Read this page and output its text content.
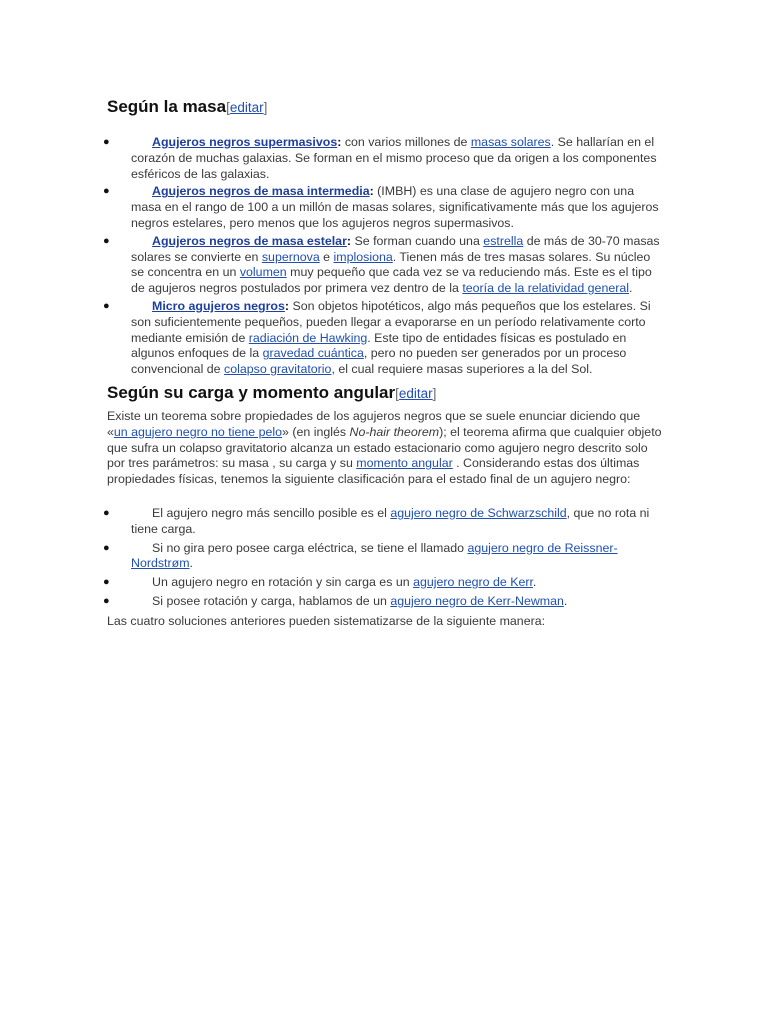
Según la masa[editar]
●	Agujeros negros supermasivos: con varios millones de masas solares. Se hallarían en el corazón de muchas galaxias. Se forman en el mismo proceso que da origen a los componentes esféricos de las galaxias.
●	Agujeros negros de masa intermedia: (IMBH) es una clase de agujero negro con una masa en el rango de 100 a un millón de masas solares, significativamente más que los agujeros negros estelares, pero menos que los agujeros negros supermasivos.
●	Agujeros negros de masa estelar: Se forman cuando una estrella de más de 30-70 masas solares se convierte en supernova e implosiona. Tienen más de tres masas solares. Su núcleo se concentra en un volumen muy pequeño que cada vez se va reduciendo más. Este es el tipo de agujeros negros postulados por primera vez dentro de la teoría de la relatividad general.
●	Micro agujeros negros: Son objetos hipotéticos, algo más pequeños que los estelares. Si son suficientemente pequeños, pueden llegar a evaporarse en un período relativamente corto mediante emisión de radiación de Hawking. Este tipo de entidades físicas es postulado en algunos enfoques de la gravedad cuántica, pero no pueden ser generados por un proceso convencional de colapso gravitatorio, el cual requiere masas superiores a la del Sol.
Según su carga y momento angular[editar]

Existe un teorema sobre propiedades de los agujeros negros que se suele enunciar diciendo que «un agujero negro no tiene pelo» (en inglés No-hair theorem); el teorema afirma que cualquier objeto que sufra un colapso gravitatorio alcanza un estado estacionario como agujero negro descrito solo por tres parámetros: su masa , su carga y su momento angular . Considerando estas dos últimas propiedades físicas, tenemos la siguiente clasificación para el estado final de un agujero negro:

●	El agujero negro más sencillo posible es el agujero negro de Schwarzschild, que no rota ni tiene carga.
●	Si no gira pero posee carga eléctrica, se tiene el llamado agujero negro de Reissner-Nordstrøm.
●	Un agujero negro en rotación y sin carga es un agujero negro de Kerr.
●	Si posee rotación y carga, hablamos de un agujero negro de Kerr-Newman.

Las cuatro soluciones anteriores pueden sistematizarse de la siguiente manera:
